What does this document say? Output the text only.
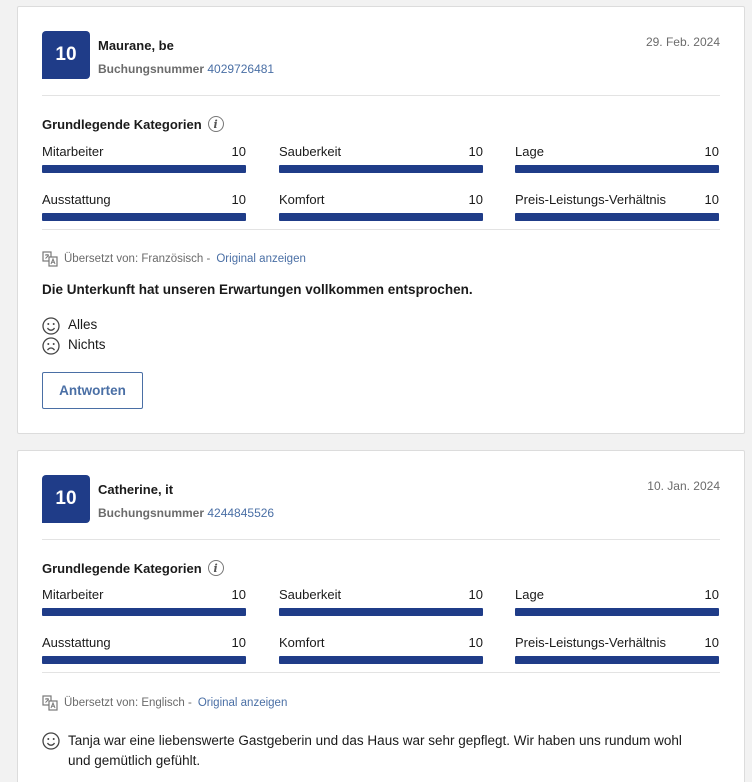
10	Maurane, be
Buchungsnummer 4029726481
29. Feb. 2024
Grundlegende Kategorien	i
Mitarbeiter	10	Sauberkeit	10 Lage	10
Ausstattung	10	Komfort	10 Preis-Leistungs-Verhältnis	10
Übersetzt von: Französisch - Original anzeigen
Die Unterkunft hat unseren Erwartungen vollkommen entsprochen.
Alles
Nichts
Antworten
10	Catherine, it
Buchungsnummer 4244845526
10. Jan. 2024
Grundlegende Kategorien	i
Mitarbeiter	10	Sauberkeit	10 Lage	10
Ausstattung	10	Komfort	10 Preis-Leistungs-Verhältnis	10
Übersetzt von: Englisch - Original anzeigen
Tanja war eine liebenswerte Gastgeberin und das Haus war sehr gepflegt. Wir haben uns rundum wohl und gemütlich gefühlt.
